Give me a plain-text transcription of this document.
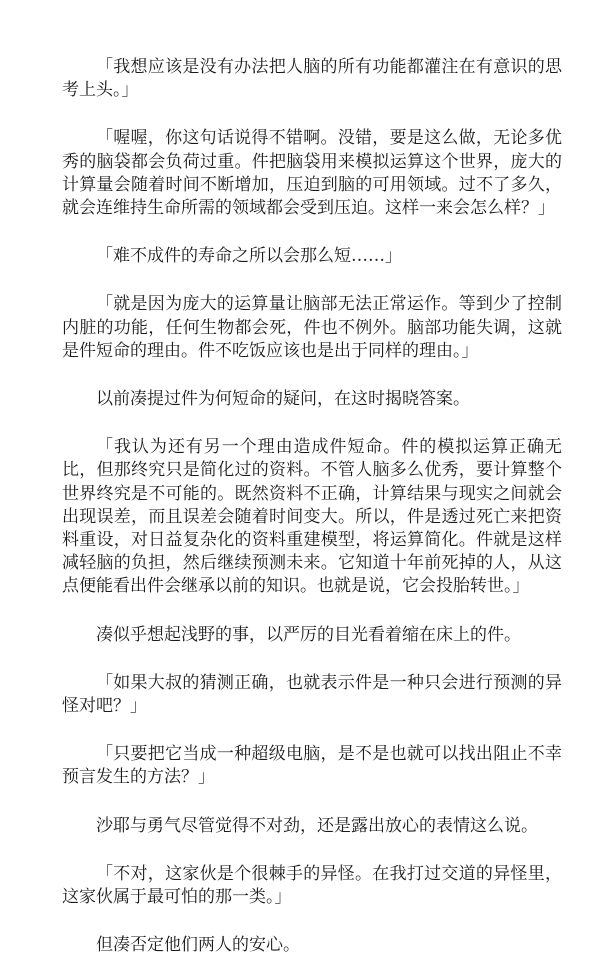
「我想应该是没有办法把人脑的所有功能都灌注在有意识的思考上头。」

「喔喔，你这句话说得不错啊。没错，要是这么做，无论多优秀的脑袋都会负荷过重。件把脑袋用来模拟运算这个世界，庞大的计算量会随着时间不断增加，压迫到脑的可用领域。过不了多久，就会连维持生命所需的领域都会受到压迫。这样一来会怎么样？」

「难不成件的寿命之所以会那么短……」

「就是因为庞大的运算量让脑部无法正常运作。等到少了控制内脏的功能，任何生物都会死，件也不例外。脑部功能失调，这就是件短命的理由。件不吃饭应该也是出于同样的理由。」

以前凑提过件为何短命的疑问，在这时揭晓答案。

「我认为还有另一个理由造成件短命。件的模拟运算正确无比，但那终究只是简化过的资料。不管人脑多么优秀，要计算整个世界终究是不可能的。既然资料不正确，计算结果与现实之间就会出现误差，而且误差会随着时间变大。所以，件是透过死亡来把资料重设，对日益复杂化的资料重建模型，将运算简化。件就是这样减轻脑的负担，然后继续预测未来。它知道十年前死掉的人，从这点便能看出件会继承以前的知识。也就是说，它会投胎转世。」

凑似乎想起浅野的事，以严厉的目光看着缩在床上的件。

「如果大叔的猜测正确，也就表示件是一种只会进行预测的异怪对吧？」

「只要把它当成一种超级电脑，是不是也就可以找出阻止不幸预言发生的方法？」

沙耶与勇气尽管觉得不对劲，还是露出放心的表情这么说。

「不对，这家伙是个很棘手的异怪。在我打过交道的异怪里，这家伙属于最可怕的那一类。」

但凑否定他们两人的安心。
